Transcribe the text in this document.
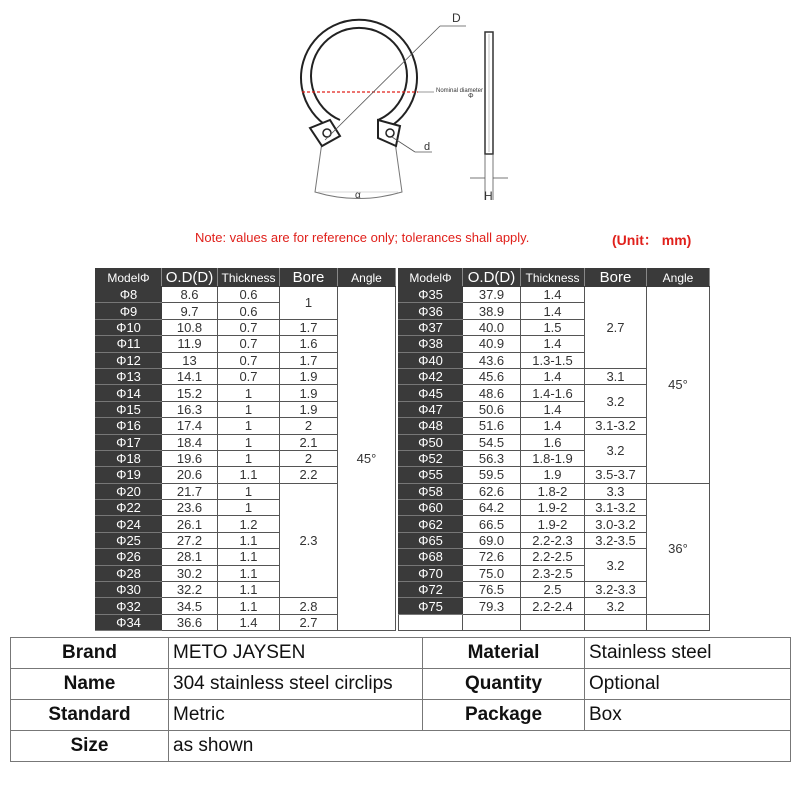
D
Nominal diameter
Φ
d
α	H
Note: values are for reference only; tolerances shall apply.	(Unit： mm)
ModelΦ	O.D(D)	Thickness	Bore	Angle
Φ8	8.6	0.6	1	45°
Φ9	9.7	0.6		
Φ10	10.8	0.7	1.7	
Φ11	11.9	0.7	1.6	
Φ12	13	0.7	1.7	
Φ13	14.1	0.7	1.9	
Φ14	15.2	1	1.9	
Φ15	16.3	1	1.9	
Φ16	17.4	1	2	
Φ17	18.4	1	2.1	
Φ18	19.6	1	2	
Φ19	20.6	1.1	2.2	
Φ20	21.7	1	2.3	
Φ22	23.6	1		
Φ24	26.1	1.2		
Φ25	27.2	1.1		
Φ26	28.1	1.1		
Φ28	30.2	1.1		
Φ30	32.2	1.1		
Φ32	34.5	1.1	2.8	
Φ34	36.6	1.4	2.7	
ModelΦ	O.D(D)	Thickness	Bore	Angle
Φ35	37.9	1.4	2.7	45°
Φ36	38.9	1.4		
Φ37	40.0	1.5		
Φ38	40.9	1.4		
Φ40	43.6	1.3-1.5		
Φ42	45.6	1.4	3.1	
Φ45	48.6	1.4-1.6	3.2	
Φ47	50.6	1.4		
Φ48	51.6	1.4	3.1-3.2	
Φ50	54.5	1.6	3.2	
Φ52	56.3	1.8-1.9		
Φ55	59.5	1.9	3.5-3.7	
Φ58	62.6	1.8-2	3.3	36°
Φ60	64.2	1.9-2	3.1-3.2	
Φ62	66.5	1.9-2	3.0-3.2	
Φ65	69.0	2.2-2.3	3.2-3.5	
Φ68	72.6	2.2-2.5	3.2	
Φ70	75.0	2.3-2.5		
Φ72	76.5	2.5	3.2-3.3	
Φ75	79.3	2.2-2.4	3.2	

Brand	METO JAYSEN	Material	Stainless steel
Name	304 stainless steel circlips	Quantity	Optional
Standard	Metric	Package	Box
Size	as shown		
